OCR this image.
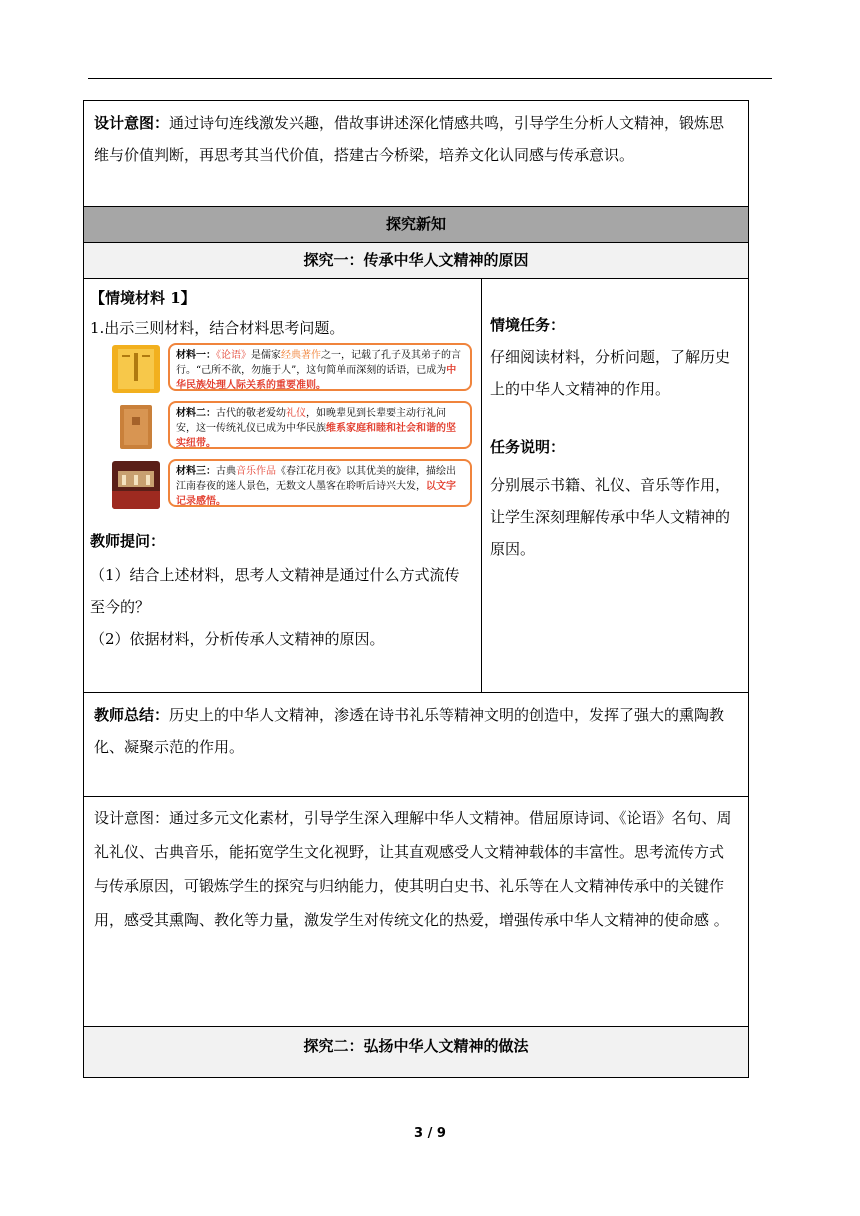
设计意图：通过诗句连线激发兴趣，借故事讲述深化情感共鸣，引导学生分析人文精神，锻炼思维与价值判断，再思考其当代价值，搭建古今桥梁，培养文化认同感与传承意识。

探究新知
探究一：传承中华人文精神的原因
【情境材料 1】
1.出示三则材料，结合材料思考问题。
材料一：《论语》是儒家经典著作之一，记载了孔子及其弟子的言行。“己所不欲，勿施于人”，这句简单而深刻的话语，已成为中华民族处理人际关系的重要准则。
材料二：古代的敬老爱幼礼仪，如晚辈见到长辈要主动行礼问安，这一传统礼仪已成为中华民族维系家庭和睦和社会和谐的坚实纽带。
材料三：古典音乐作品《春江花月夜》以其优美的旋律，描绘出江南春夜的迷人景色，无数文人墨客在聆听后诗兴大发，以文字记录感悟。
教师提问：

（1）结合上述材料，思考人文精神是通过什么方式流传至今的？

（2）依据材料，分析传承人文精神的原因。

情境任务：

仔细阅读材料，分析问题，了解历史上的中华人文精神的作用。

任务说明：

分别展示书籍、礼仪、音乐等作用，让学生深刻理解传承中华人文精神的原因。

教师总结：历史上的中华人文精神，渗透在诗书礼乐等精神文明的创造中，发挥了强大的熏陶教化、凝聚示范的作用。

设计意图：通过多元文化素材，引导学生深入理解中华人文精神。借屈原诗词、《论语》名句、周礼礼仪、古典音乐，能拓宽学生文化视野，让其直观感受人文精神载体的丰富性。思考流传方式与传承原因，可锻炼学生的探究与归纳能力，使其明白史书、礼乐等在人文精神传承中的关键作用，感受其熏陶、教化等力量，激发学生对传统文化的热爱，增强传承中华人文精神的使命感 。

探究二：弘扬中华人文精神的做法
3 / 9
